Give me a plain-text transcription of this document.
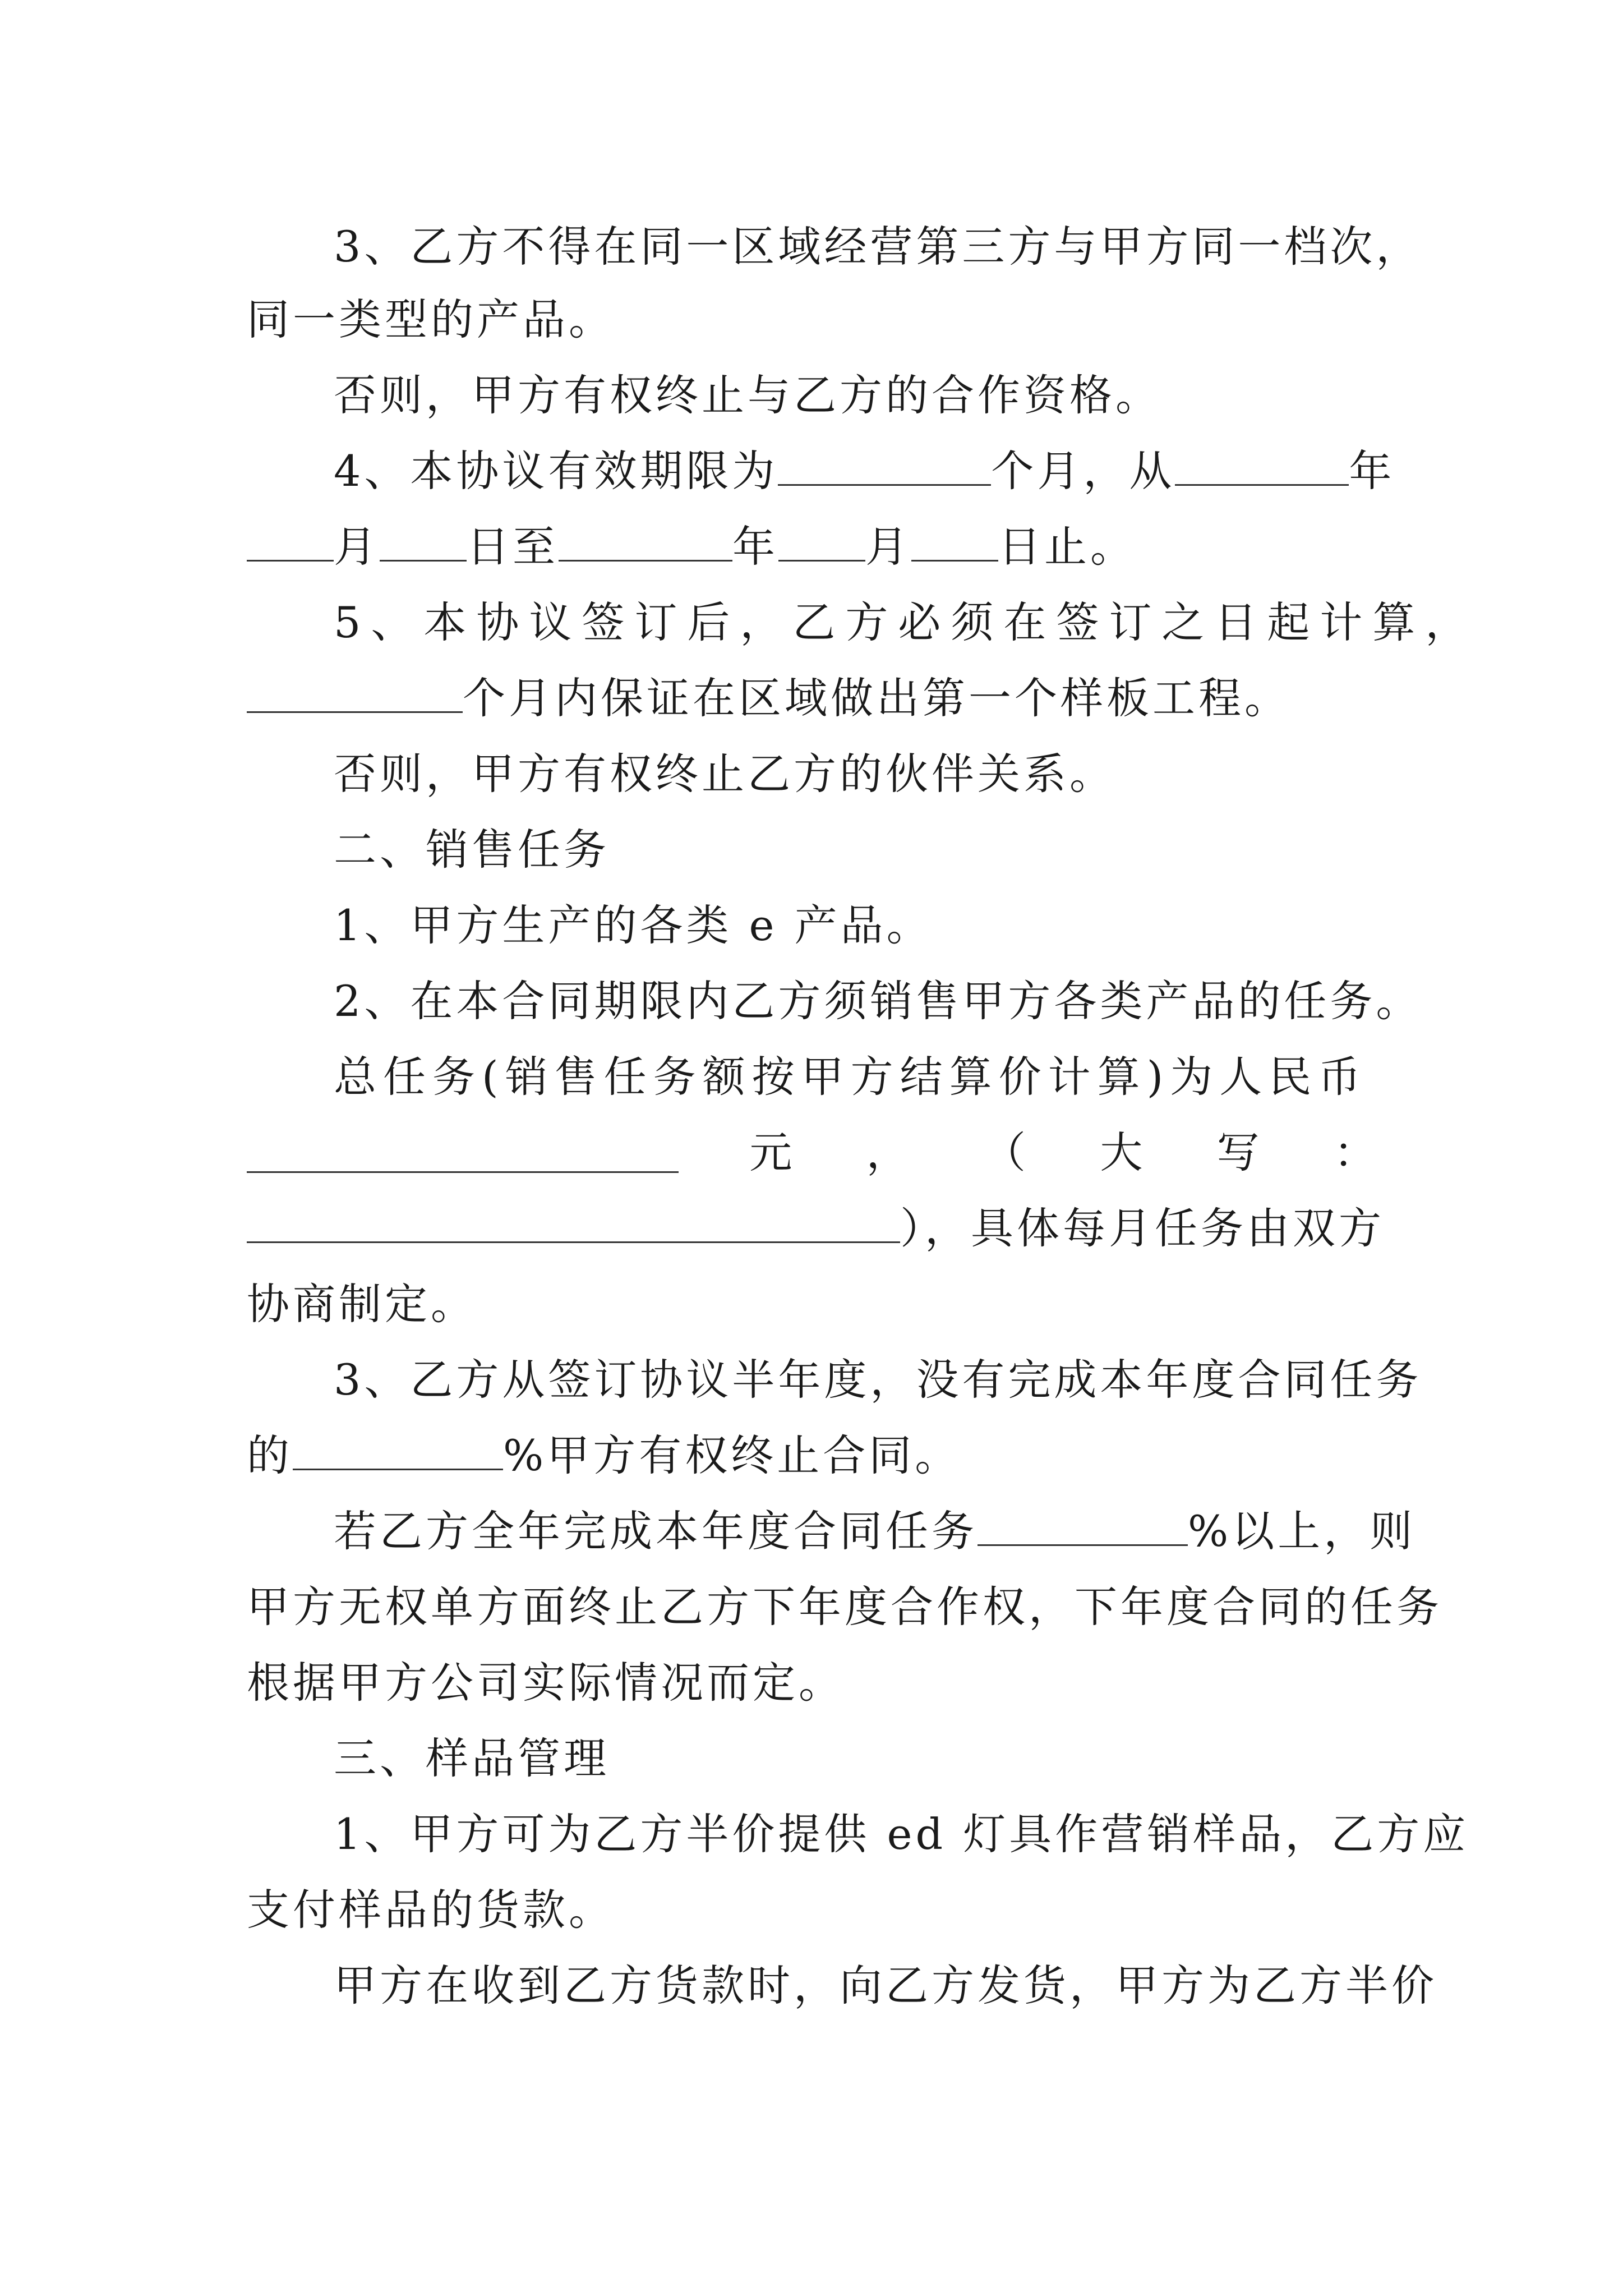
3、乙方不得在同一区域经营第三方与甲方同一档次，
同一类型的产品。
否则，甲方有权终止与乙方的合作资格。
4、本协议有效期限为	个月，从	年
月 日至	年 月 日止。
5、本协议签订后，乙方必须在签订之日起计算，
个月内保证在区域做出第一个样板工程。
否则，甲方有权终止乙方的伙伴关系。
二、销售任务
1、甲方生产的各类 e 产品。
2、在本合同期限内乙方须销售甲方各类产品的任务。
总任务(销售任务额按甲方结算价计算)为人民币
元 ， （ 大 写 ：
），具体每月任务由双方
协商制定。
3、乙方从签订协议半年度，没有完成本年度合同任务
的	%甲方有权终止合同。
若乙方全年完成本年度合同任务	%以上，则
甲方无权单方面终止乙方下年度合作权，下年度合同的任务
根据甲方公司实际情况而定。
三、样品管理
1、甲方可为乙方半价提供 ed 灯具作营销样品，乙方应
支付样品的货款。
甲方在收到乙方货款时，向乙方发货，甲方为乙方半价
